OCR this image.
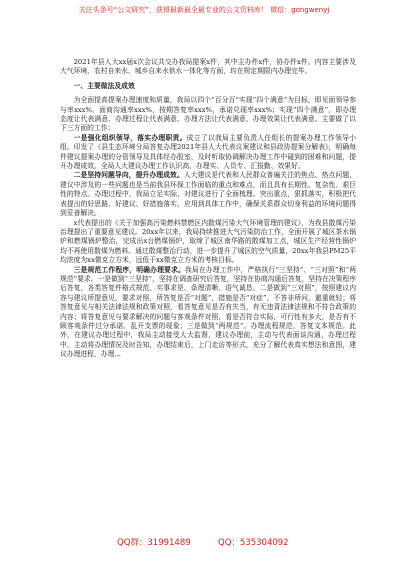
关注头条号“公文研究”，获得最新最全最专业的公文资料库！ 微信：gongwenyj

2021年县人大xx届x次会议共交办我局提案x件，其中主办件x件，协办件x件。内容主要涉及大气环境、农村自来水、城乡自来水供水一体化等方面，均在规定期限内办理完毕。

一、主要做法及成效

为全面提高提案办理速度和质量，我局以四个“百分百”实现“四个满意”为目标，即见面领导参与率xxx%、面商沟通率xxx%，按期答复率xxx%，承诺兑现率xxx%；实现“四个满意”，即办理态度让代表满意、办理过程让代表满意、办理方法让代表满意、办理效果让代表满意。主要做了以下三方面的工作：

一是强化组织领导，落实办理职责。成立了以我局主要负责人任组长的提案办理工作领导小组。印发了《县生态环境分局答复办理2021年县人大代表议案建议和县政协提案分解表》，明确每件建议提案办理的分管领导及具体经办股室，及时听取协调解决办理工作中碰到的困难和问题，提升办理成效。全局人大建议办理工作认识高、办理实、人员专、汇报勤、效果好。

二是坚持问题导向，提升办理成效。人大建议是代表和人民群众普遍关注的焦点、热点问题，建议中涉及的一些问题也是当前我县环保工作面临的重点和难点，而且具有长期性、复杂性、艰巨性的特点。办理过程中，我局立足实际，对建议进行了全面梳理。突出重点，狠抓落实，积极把代表提出的好思路、好建议、好措施落实、应用到具体工作中，确保关系群众切身利益的环境问题得到妥善解决。

x代表提出的《关于加强高污染燃料禁燃区内散煤污染大气环境管理的建议》，为我县散煤污染治理提出了重要意见建议。20xx年以来，我局持续推进大气污染防治工作，全面开展了城区茶水锅炉和燃煤锅炉整治，完成出x台燃煤锅炉，取缔了城区南华路的散煤加工点，城区生产经营性锅炉均不再使用散煤为燃料。通过散煤整治行动，进一步提升了城区的空气质量，20xx年我县PM25平均浓度为xx微克立方米，远低于xx微克立方米的考核目标。

三是规范工作程序，明确办理要求。我局在办理工作中，严格执行“三坚持”、“三对照”和“两规范”要求。一是做到“三坚持”，坚持在调查研究后答复，坚持在协商沟通后答复，坚持在决策程序后答复，各类答复件格式规范、实事求是、条理清晰、语气诚恳。二是做到“三对照”，按照建议内容与建议所提意见，要求对照，所答复是否“对题”，措施是否“对症”，不答非所问，避重就轻；将答复意见与相关法律法规和政策对照，看答复意见是否有失当，有无违背法律法规和不符合政策的内容；将答复意见与要求解决的问题与客观条件对照，看是否符合实际，可行性有多大，是否有不顾客观条件过分承诺、乱开支票的现象；三是做到“两规范”。办理流程规范，答复文本规范。此外，在建议办理过程中，我局主动接受人大监督，建议办理前，主动与代表面谈沟通，办理过程中，主动将办理情况及时告知，办理结束后，上门走访等形式，充分了解代表真实想法和意图，建议办理进程，办理...

QQ群：31991489	QQ：535304092
